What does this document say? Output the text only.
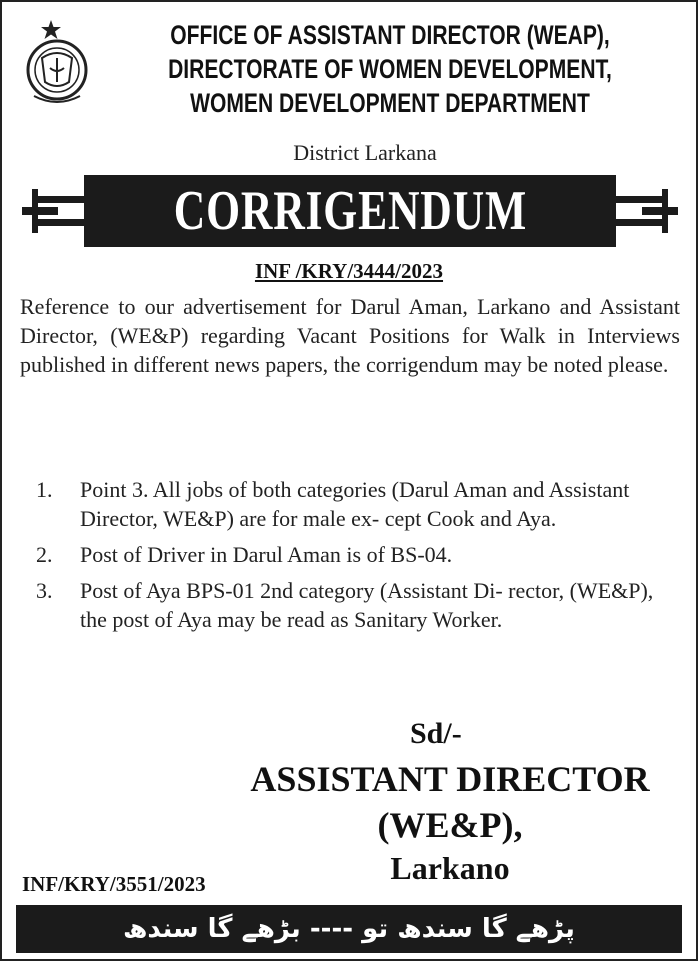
OFFICE OF ASSISTANT DIRECTOR (WEAP),
DIRECTORATE OF WOMEN DEVELOPMENT,
WOMEN DEVELOPMENT DEPARTMENT
District Larkana
CORRIGENDUM
INF /KRY/3444/2023

Reference to our advertisement for Darul Aman, Larkano and Assistant Director, (WE&P) regarding Vacant Positions for Walk in Interviews published in different news papers, the corrigendum may be noted please.

1. Point 3. All jobs of both categories (Darul Aman and Assistant Director, WE&P) are for male ex- cept Cook and Aya.
2. Post of Driver in Darul Aman is of BS-04.
3. Post of Aya BPS-01 2nd category (Assistant Di- rector, (WE&P), the post of Aya may be read as Sanitary Worker.
Sd/-
ASSISTANT DIRECTOR
(WE&P),
Larkano
INF/KRY/3551/2023
پڑھے گا سندھ تو ---- بڑھے گا سندھ
